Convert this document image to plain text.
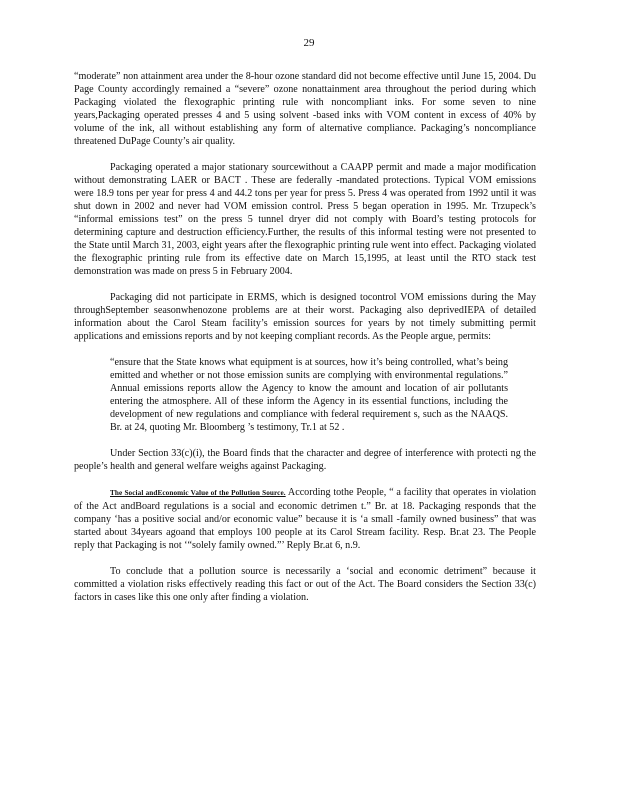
29

“moderate” non attainment area under the 8-hour ozone standard did not become effective until June 15, 2004. Du Page County accordingly remained a “severe” ozone nonattainment area throughout the period during which Packaging violated the flexographic printing rule with noncompliant inks. For some seven to nine years,Packaging operated presses 4 and 5 using solvent -based inks with VOM content in excess of 40% by volume of the ink, all without establishing any form of alternative compliance. Packaging’s noncompliance threatened DuPage County’s air quality.

Packaging operated a major stationary sourcewithout a CAAPP permit and made a major modification without demonstrating LAER or BACT . These are federally -mandated protections. Typical VOM emissions were 18.9 tons per year for press 4 and 44.2 tons per year for press 5. Press 4 was operated from 1992 until it was shut down in 2002 and never had VOM emission control. Press 5 began operation in 1995. Mr. Trzupeck’s “informal emissions test” on the press 5 tunnel dryer did not comply with Board’s testing protocols for determining capture and destruction efficiency.Further, the results of this informal testing were not presented to the State until March 31, 2003, eight years after the flexographic printing rule went into effect. Packaging violated the flexographic printing rule from its effective date on March 15,1995, at least until the RTO stack test demonstration was made on press 5 in February 2004.

Packaging did not participate in ERMS, which is designed tocontrol VOM emissions during the May throughSeptember seasonwhenozone problems are at their worst. Packaging also deprivedIEPA of detailed information about the Carol Steam facility’s emission sources for years by not timely submitting permit applications and emissions reports and by not keeping compliant records. As the People argue, permits:

“ensure that the State knows what equipment is at sources, how it’s being controlled, what’s being emitted and whether or not those emission sunits are complying with environmental regulations.” Annual emissions reports allow the Agency to know the amount and location of air pollutants entering the atmosphere. All of these inform the Agency in its essential functions, including the development of new regulations and compliance with federal requirement s, such as the NAAQS. Br. at 24, quoting Mr. Bloomberg ’s testimony, Tr.1 at 52 .

Under Section 33(c)(i), the Board finds that the character and degree of interference with protecti ng the people’s health and general welfare weighs against Packaging.

The Social andEconomic Value of the Pollution Source. According tothe People, “ a facility that operates in violation of the Act andBoard regulations is a social and economic detrimen t.” Br. at 18. Packaging responds that the company ‘has a positive social and/or economic value” because it is ‘a small -family owned business” that was started about 34years agoand that employs 100 people at its Carol Stream facility. Resp. Br.at 23. The People reply that Packaging is not ‘“solely family owned.”’ Reply Br.at 6, n.9.

To conclude that a pollution source is necessarily a ‘social and economic detriment” because it committed a violation risks effectively reading this fact or out of the Act. The Board considers the Section 33(c) factors in cases like this one only after finding a violation.
